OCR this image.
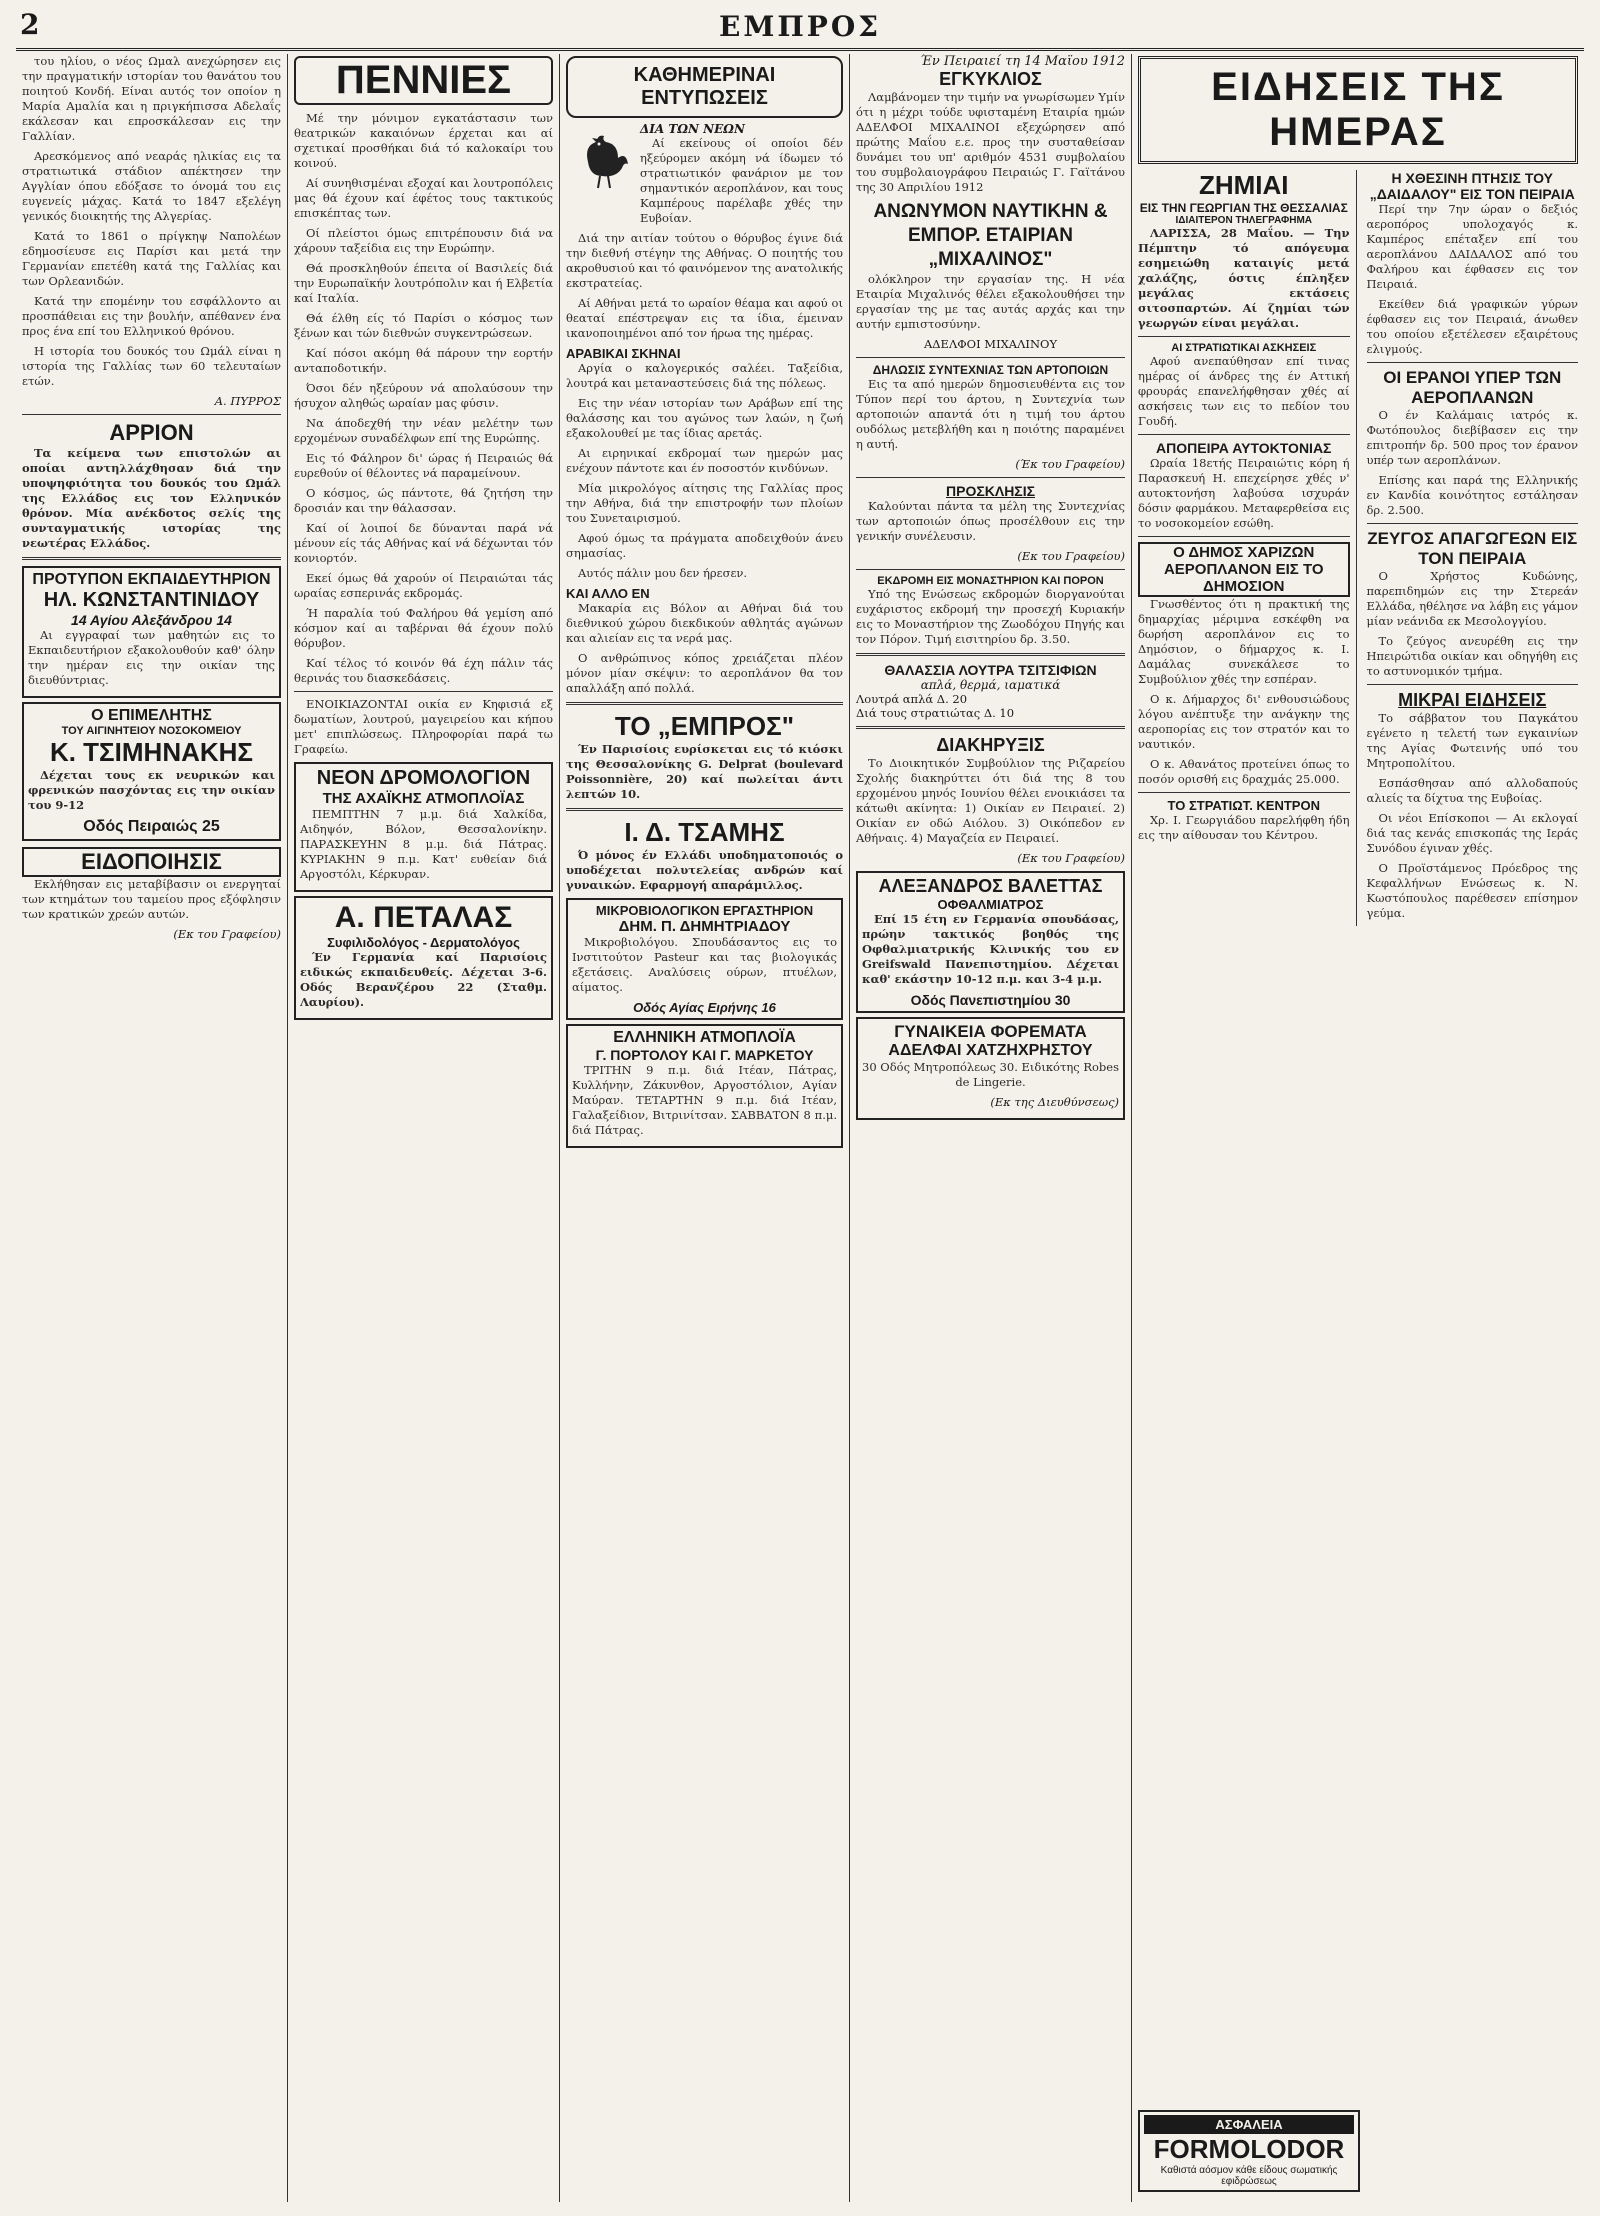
2	ΕΜΠΡΟΣ

του ηλίου, ο νέος Ωμαλ ανεχώρησεν εις την πραγματικήν ιστορίαν του θανάτου του ποιητού Κονδή. Είναι αυτός τον οποίον η Μαρία Αμαλία και η πριγκήπισσα Αδελαΐς εκάλεσαν και επροσκάλεσαν εις την Γαλλίαν.

Αρεσκόμενος από νεαράς ηλικίας εις τα στρατιωτικά στάδιον απέκτησεν την Αγγλίαν όπου εδόξασε το όνομά του εις ευγενείς μάχας. Κατά το 1847 εξελέγη γενικός διοικητής της Αλγερίας.

Κατά το 1861 ο πρίγκηψ Ναπολέων εδημοσίευσε εις Παρίσι και μετά την Γερμανίαν επετέθη κατά της Γαλλίας και των Ορλεανιδών.

Κατά την επομένην του εσφάλλοντο αι προσπάθειαι εις την βουλήν, απέθανεν ένα προς ένα επί του Ελληνικού θρόνου.

Η ιστορία του δουκός του Ωμάλ είναι η ιστορία της Γαλλίας των 60 τελευταίων ετών.

Α. ΠΥΡΡΟΣ
ΑΡΡΙΟΝ

Τα κείμενα των επιστολών αι οποίαι αντηλλάχθησαν διά την υποψηφιότητα του δουκός του Ωμάλ της Ελλάδος εις τον Ελληνικόν θρόνον. Μία ανέκδοτος σελίς της συνταγματικής ιστορίας της νεωτέρας Ελλάδος.

ΠΡΟΤΥΠΟΝ ΕΚΠΑΙΔΕΥΤΗΡΙΟΝ
ΗΛ. ΚΩΝΣΤΑΝΤΙΝΙΔΟΥ
14 Αγίου Αλεξάνδρου 14

Αι εγγραφαί των μαθητών εις το Εκπαιδευτήριον εξακολουθούν καθ' όλην την ημέραν εις την οικίαν της διευθύντριας.

Ο ΕΠΙΜΕΛΗΤΗΣ
ΤΟΥ ΑΙΓΙΝΗΤΕΙΟΥ ΝΟΣΟΚΟΜΕΙΟΥ
Κ. ΤΣΙΜΗΝΑΚΗΣ

Δέχεται τους εκ νευρικών και φρενικών πασχόντας εις την οικίαν του 9-12

Οδός Πειραιώς 25
ΕΙΔΟΠΟΙΗΣΙΣ

Εκλήθησαν εις μεταβίβασιν οι ενεργηταί των κτημάτων του ταμείου προς εξόφλησιν των κρατικών χρεών αυτών.

(Εκ του Γραφείου)
ΠΕΝΝΙΕΣ

Μέ την μόνιμον εγκατάστασιν των θεατρικών κακαιόνων έρχεται και αί σχετικαί προσθήκαι διά τό καλοκαίρι του κοινού.

Αί συνηθισμέναι εξοχαί και λουτροπόλεις μας θά έχουν καί έφέτος τους τακτικούς επισκέπτας των.

Οί πλείστοι όμως επιτρέπουσιν διά να χάρουν ταξείδια εις την Ευρώπην.

Θά προσκληθούν έπειτα οί Βασιλείς διά την Ευρωπαϊκήν λουτρόπολιν και ή Ελβετία καί Ιταλία.

Θά έλθη είς τό Παρίσι ο κόσμος των ξένων και τών διεθνών συγκεντρώσεων.

Καί πόσοι ακόμη θά πάρουν την εορτήν ανταποδοτικήν.

Όσοι δέν ηξεύρουν νά απολαύσουν την ήσυχον αληθώς ωραίαν μας φύσιν.

Να άποδεχθή την νέαν μελέτην των ερχομένων συναδέλφων επί της Ευρώπης.

Εις τό Φάληρον δι' ώρας ή Πειραιώς θά ευρεθούν οί θέλοντες νά παραμείνουν.

Ο κόσμος, ώς πάντοτε, θά ζητήση την δροσιάν και την θάλασσαν.

Καί οί λοιποί δε δύνανται παρά νά μένουν είς τάς Αθήνας καί νά δέχωνται τόν κονιορτόν.

Εκεί όμως θά χαρούν οί Πειραιώται τάς ωραίας εσπερινάς εκδρομάς.

Ή παραλία τού Φαλήρου θά γεμίση από κόσμον καί αι ταβέρναι θά έχουν πολύ θόρυβον.

Καί τέλος τό κοινόν θά έχη πάλιν τάς θερινάς του διασκεδάσεις.

ΕΝΟΙΚΙΑΖΟΝΤΑΙ οικία εν Κηφισιά εξ δωματίων, λουτρού, μαγειρείου και κήπου μετ' επιπλώσεως. Πληροφορίαι παρά τω Γραφείω.

ΝΕΟΝ ΔΡΟΜΟΛΟΓΙΟΝ
ΤΗΣ ΑΧΑΪΚΗΣ ΑΤΜΟΠΛΟΪΑΣ

ΠΕΜΠΤΗΝ 7 μ.μ. διά Χαλκίδα, Αιδηψόν, Βόλον, Θεσσαλονίκην. ΠΑΡΑΣΚΕΥΗΝ 8 μ.μ. διά Πάτρας. ΚΥΡΙΑΚΗΝ 9 π.μ. Κατ' ευθείαν διά Αργοστόλι, Κέρκυραν.

Α. ΠΕΤΑΛΑΣ
Συφιλιδολόγος - Δερματολόγος

Έν Γερμανία καί Παρισίοις ειδικώς εκπαιδευθείς. Δέχεται 3-6. Οδός Βερανζέρου 22 (Σταθμ. Λαυρίου).

ΚΑΘΗΜΕΡΙΝΑΙ ΕΝΤΥΠΩΣΕΙΣ
ΔΙΑ ΤΩΝ ΝΕΩΝ

Αί εκείνους οί οποίοι δέν ηξεύρομεν ακόμη νά ίδωμεν τό στρατιωτικόν φανάριον με τον σημαντικόν αεροπλάνον, και τους Καμπέρους παρέλαβε χθές την Ευβοίαν.

Διά την αιτίαν τούτου ο θόρυβος έγινε διά την διεθνή στέγην της Αθήνας. Ο ποιητής του ακροθυσιού και τό φαινόμενον της ανατολικής εκστρατείας.

Αί Αθήναι μετά το ωραίον θέαμα και αφού οι θεαταί επέστρεψαν εις τα ίδια, έμειναν ικανοποιημένοι από τον ήρωα της ημέρας.

ΑΡΑΒΙΚΑΙ ΣΚΗΝΑΙ

Αργία ο καλογερικός σαλέει. Ταξείδια, λουτρά και μεταναστεύσεις διά της πόλεως.

Εις την νέαν ιστορίαν των Αράβων επί της θαλάσσης και του αγώνος των λαών, η ζωή εξακολουθεί με τας ίδιας αρετάς.

Αι ειρηνικαί εκδρομαί των ημερών μας ενέχουν πάντοτε και έν ποσοστόν κινδύνων.

Μία μικρολόγος αίτησις της Γαλλίας προς την Αθήνα, διά την επιστροφήν των πλοίων του Συνεταιρισμού.

Αφού όμως τα πράγματα αποδειχθούν άνευ σημασίας.

Αυτός πάλιν μου δεν ήρεσεν.

ΚΑΙ ΑΛΛΟ ΕΝ

Μακαρία εις Βόλον αι Αθήναι διά του διεθνικού χώρου διεκδικούν αθλητάς αγώνων και αλιείαν εις τα νερά μας.

Ο ανθρώπινος κόπος χρειάζεται πλέον μόνον μίαν σκέψιν: το αεροπλάνον θα τον απαλλάξη από πολλά.

ΤΟ „ΕΜΠΡΟΣ"

Έν Παρισίοις ευρίσκεται εις τό κιόσκι της Θεσσαλονίκης G. Delprat (boulevard Poissonnière, 20) καί πωλείται άντι λεπτών 10.

Ι. Δ. ΤΣΑΜΗΣ

Ό μόνος έν Ελλάδι υποδηματοποιός ο υποδέχεται πολυτελείας ανδρών καί γυναικών. Εφαρμογή απαράμιλλος.

ΜΙΚΡΟΒΙΟΛΟΓΙΚΟΝ ΕΡΓΑΣΤΗΡΙΟΝ
ΔΗΜ. Π. ΔΗΜΗΤΡΙΑΔΟΥ

Μικροβιολόγου. Σπουδάσαντος εις το Ινστιτούτον Pasteur και τας βιολογικάς εξετάσεις. Αναλύσεις ούρων, πτυέλων, αίματος.

Οδός Αγίας Ειρήνης 16
ΕΛΛΗΝΙΚΗ ΑΤΜΟΠΛΟΪΑ
Γ. ΠΟΡΤΟΛΟΥ ΚΑΙ Γ. ΜΑΡΚΕΤΟΥ

ΤΡΙΤΗΝ 9 π.μ. διά Ιτέαν, Πάτρας, Κυλλήνην, Ζάκυνθον, Αργοστόλιον, Αγίαν Μαύραν. ΤΕΤΑΡΤΗΝ 9 π.μ. διά Ιτέαν, Γαλαξείδιον, Βιτρινίτσαν. ΣΑΒΒΑΤΟΝ 8 π.μ. διά Πάτρας.

Έν Πειραιεί τη 14 Μαΐου 1912
ΕΓΚΥΚΛΙΟΣ

Λαμβάνομεν την τιμήν να γνωρίσωμεν Υμίν ότι η μέχρι τούδε υφισταμένη Εταιρία ημών ΑΔΕΛΦΟΙ ΜΙΧΑΛΙΝΟΙ εξεχώρησεν από πρώτης Μαΐου ε.ε. προς την συσταθείσαν δυνάμει του υπ' αριθμόν 4531 συμβολαίου του συμβολαιογράφου Πειραιώς Γ. Γαϊτάνου της 30 Απριλίου 1912

ΑΝΩΝΥΜΟΝ ΝΑΥΤΙΚΗΝ & ΕΜΠΟΡ. ΕΤΑΙΡΙΑΝ „ΜΙΧΑΛΙΝΟΣ"

ολόκληρον την εργασίαν της. Η νέα Εταιρία Μιχαλινός θέλει εξακολουθήσει την εργασίαν της με τας αυτάς αρχάς και την αυτήν εμπιστοσύνην.

ΑΔΕΛΦΟΙ ΜΙΧΑΛΙΝΟΥ
ΔΗΛΩΣΙΣ ΣΥΝΤΕΧΝΙΑΣ ΤΩΝ ΑΡΤΟΠΟΙΩΝ

Εις τα από ημερών δημοσιευθέντα εις τον Τύπον περί του άρτου, η Συντεχνία των αρτοποιών απαντά ότι η τιμή του άρτου ουδόλως μετεβλήθη και η ποιότης παραμένει η αυτή.

(Έκ του Γραφείου)
ΠΡΟΣΚΛΗΣΙΣ

Καλούνται πάντα τα μέλη της Συντεχνίας των αρτοποιών όπως προσέλθουν εις την γενικήν συνέλευσιν.

(Εκ του Γραφείου)
ΕΚΔΡΟΜΗ ΕΙΣ ΜΟΝΑΣΤΗΡΙΟΝ ΚΑΙ ΠΟΡΟΝ

Υπό της Ενώσεως εκδρομών διοργανούται ευχάριστος εκδρομή την προσεχή Κυριακήν εις το Μοναστήριον της Ζωοδόχου Πηγής και τον Πόρον. Τιμή εισιτηρίου δρ. 3.50.

ΘΑΛΑΣΣΙΑ ΛΟΥΤΡΑ ΤΣΙΤΣΙΦΙΩΝ
απλά, θερμά, ιαματικά
Λουτρά απλά Δ. 20
Διά τους στρατιώτας Δ. 10
ΔΙΑΚΗΡΥΞΙΣ

Το Διοικητικόν Συμβούλιον της Ριζαρείου Σχολής διακηρύττει ότι διά της 8 του ερχομένου μηνός Ιουνίου θέλει ενοικιάσει τα κάτωθι ακίνητα: 1) Οικίαν εν Πειραιεί. 2) Οικίαν εν οδώ Αιόλου. 3) Οικόπεδον εν Αθήναις. 4) Μαγαζεία εν Πειραιεί.

(Εκ του Γραφείου)
ΑΛΕΞΑΝΔΡΟΣ ΒΑΛΕΤΤΑΣ
ΟΦΘΑΛΜΙΑΤΡΟΣ

Επί 15 έτη εν Γερμανία σπουδάσας, πρώην τακτικός βοηθός της Οφθαλμιατρικής Κλινικής του εν Greifswald Πανεπιστημίου. Δέχεται καθ' εκάστην 10-12 π.μ. και 3-4 μ.μ.

Οδός Πανεπιστημίου 30
ΓΥΝΑΙΚΕΙΑ ΦΟΡΕΜΑΤΑ
ΑΔΕΛΦΑΙ ΧΑΤΖΗΧΡΗΣΤΟΥ

30 Οδός Μητροπόλεως 30. Ειδικότης Robes de Lingerie.

(Εκ της Διευθύνσεως)
ΕΙΔΗΣΕΙΣ ΤΗΣ ΗΜΕΡΑΣ
ΖΗΜΙΑΙ
ΕΙΣ ΤΗΝ ΓΕΩΡΓΙΑΝ ΤΗΣ ΘΕΣΣΑΛΙΑΣ
ΙΔΙΑΙΤΕΡΟΝ ΤΗΛΕΓΡΑΦΗΜΑ

ΛΑΡΙΣΣΑ, 28 Μαΐου. — Την Πέμπτην τό απόγευμα εσημειώθη καταιγίς μετά χαλάζης, όστις έπληξεν μεγάλας εκτάσεις σιτοσπαρτών. Αί ζημίαι τών γεωργών είναι μεγάλαι.

ΑΙ ΣΤΡΑΤΙΩΤΙΚΑΙ ΑΣΚΗΣΕΙΣ

Αφού ανεπαύθησαν επί τινας ημέρας οί άνδρες της έν Αττική φρουράς επανελήφθησαν χθές αί ασκήσεις των εις το πεδίον του Γουδή.

ΑΠΟΠΕΙΡΑ ΑΥΤΟΚΤΟΝΙΑΣ

Ωραία 18ετής Πειραιώτις κόρη ή Παρασκευή Η. επεχείρησε χθές ν' αυτοκτονήση λαβούσα ισχυράν δόσιν φαρμάκου. Μεταφερθείσα εις το νοσοκομείον εσώθη.

Ο ΔΗΜΟΣ ΧΑΡΙΖΩΝ ΑΕΡΟΠΛΑΝΟΝ ΕΙΣ ΤΟ ΔΗΜΟΣΙΟΝ

Γνωσθέντος ότι η πρακτική της δημαρχίας μέριμνα εσκέφθη να δωρήση αεροπλάνον εις το Δημόσιον, ο δήμαρχος κ. Ι. Δαμάλας συνεκάλεσε το Συμβούλιον χθές την εσπέραν.

Ο κ. Δήμαρχος δι' ενθουσιώδους λόγου ανέπτυξε την ανάγκην της αεροπορίας εις τον στρατόν και το ναυτικόν.

Ο κ. Αθανάτος προτείνει όπως το ποσόν ορισθή εις δραχμάς 25.000.

ΤΟ ΣΤΡΑΤΙΩΤ. ΚΕΝΤΡΟΝ

Χρ. Ι. Γεωργιάδου παρελήφθη ήδη εις την αίθουσαν του Κέντρου.

Η ΧΘΕΣΙΝΗ ΠΤΗΣΙΣ ΤΟΥ „ΔΑΙΔΑΛΟΥ" ΕΙΣ ΤΟΝ ΠΕΙΡΑΙΑ

Περί την 7ην ώραν ο δεξιός αεροπόρος υπολοχαγός κ. Καμπέρος επέταξεν επί του αεροπλάνου ΔΑΙΔΑΛΟΣ από του Φαλήρου και έφθασεν εις τον Πειραιά.

Εκείθεν διά γραφικών γύρων έφθασεν εις τον Πειραιά, άνωθεν του οποίου εξετέλεσεν εξαιρέτους ελιγμούς.

ΟΙ ΕΡΑΝΟΙ ΥΠΕΡ ΤΩΝ ΑΕΡΟΠΛΑΝΩΝ

Ο έν Καλάμαις ιατρός κ. Φωτόπουλος διεβίβασεν εις την επιτροπήν δρ. 500 προς τον έρανον υπέρ των αεροπλάνων.

Επίσης και παρά της Ελληνικής εν Κανδία κοινότητος εστάλησαν δρ. 2.500.

ΖΕΥΓΟΣ ΑΠΑΓΩΓΕΩΝ ΕΙΣ ΤΟΝ ΠΕΙΡΑΙΑ

Ο Χρήστος Κυδώνης, παρεπιδημών εις την Στερεάν Ελλάδα, ηθέλησε να λάβη εις γάμον μίαν νεάνιδα εκ Μεσολογγίου.

Το ζεύγος ανευρέθη εις την Ηπειρώτιδα οικίαν και οδηγήθη εις το αστυνομικόν τμήμα.

ΜΙΚΡΑΙ ΕΙΔΗΣΕΙΣ

Το σάββατον του Παγκάτου εγένετο η τελετή των εγκαινίων της Αγίας Φωτεινής υπό του Μητροπολίτου.

Εσπάσθησαν από αλλοδαπούς αλιείς τα δίχτυα της Ευβοίας.

Οι νέοι Επίσκοποι — Αι εκλογαί διά τας κενάς επισκοπάς της Ιεράς Συνόδου έγιναν χθές.

Ο Προϊστάμενος Πρόεδρος της Κεφαλλήνων Ενώσεως κ. Ν. Κωστόπουλος παρέθεσεν επίσημον γεύμα.

ΑΣΦΑΛΕΙΑ
FORMOLODOR
Καθιστά αόσμον κάθε είδους σωματικής εφιδρώσεως
